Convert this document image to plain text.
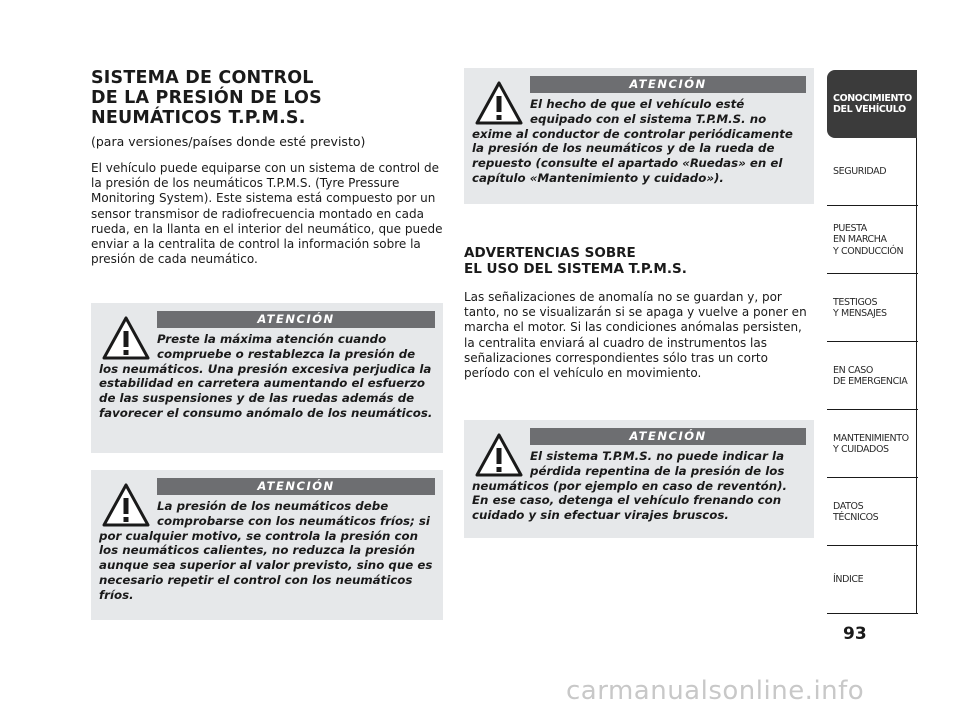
SISTEMA DE CONTROL
DE LA PRESIÓN DE LOS
NEUMÁTICOS T.P.M.S.

(para versiones/países donde esté previsto)

El vehículo puede equiparse con un sistema de control de la presión de los neumáticos T.P.M.S. (Tyre Pressure Monitoring System). Este sistema está compuesto por un sensor transmisor de radiofrecuencia montado en cada rueda, en la llanta en el interior del neumático, que puede enviar a la centralita de control la información sobre la presión de cada neumático.

ATENCIÓN

Preste la máxima atención cuando compruebe o restablezca la presión de

los neumáticos. Una presión excesiva perjudica la estabilidad en carretera aumentando el esfuerzo de las suspensiones y de las ruedas además de favorecer el consumo anómalo de los neumáticos.

ATENCIÓN

La presión de los neumáticos debe comprobarse con los neumáticos fríos; si

por cualquier motivo, se controla la presión con los neumáticos calientes, no reduzca la presión aunque sea superior al valor previsto, sino que es necesario repetir el control con los neumáticos fríos.

ATENCIÓN

El hecho de que el vehículo esté equipado con el sistema T.P.M.S. no

exime al conductor de controlar periódicamente la presión de los neumáticos y de la rueda de repuesto (consulte el apartado «Ruedas» en el capítulo «Mantenimiento y cuidado»).

ADVERTENCIAS SOBRE
EL USO DEL SISTEMA T.P.M.S.

Las señalizaciones de anomalía no se guardan y, por tanto, no se visualizarán si se apaga y vuelve a poner en marcha el motor. Si las condiciones anómalas persisten, la centralita enviará al cuadro de instrumentos las señalizaciones correspondientes sólo tras un corto período con el vehículo en movimiento.

ATENCIÓN

El sistema T.P.M.S. no puede indicar la pérdida repentina de la presión de los

neumáticos (por ejemplo en caso de reventón). En ese caso, detenga el vehículo frenando con cuidado y sin efectuar virajes bruscos.

CONOCIMIENTO
DEL VEHÍCULO
SEGURIDAD
PUESTA
EN MARCHA
Y CONDUCCIÓN
TESTIGOS
Y MENSAJES
EN CASO
DE EMERGENCIA
MANTENIMIENTO
Y CUIDADOS
DATOS TÉCNICOS
ÍNDICE
93
carmanualsonline.info
